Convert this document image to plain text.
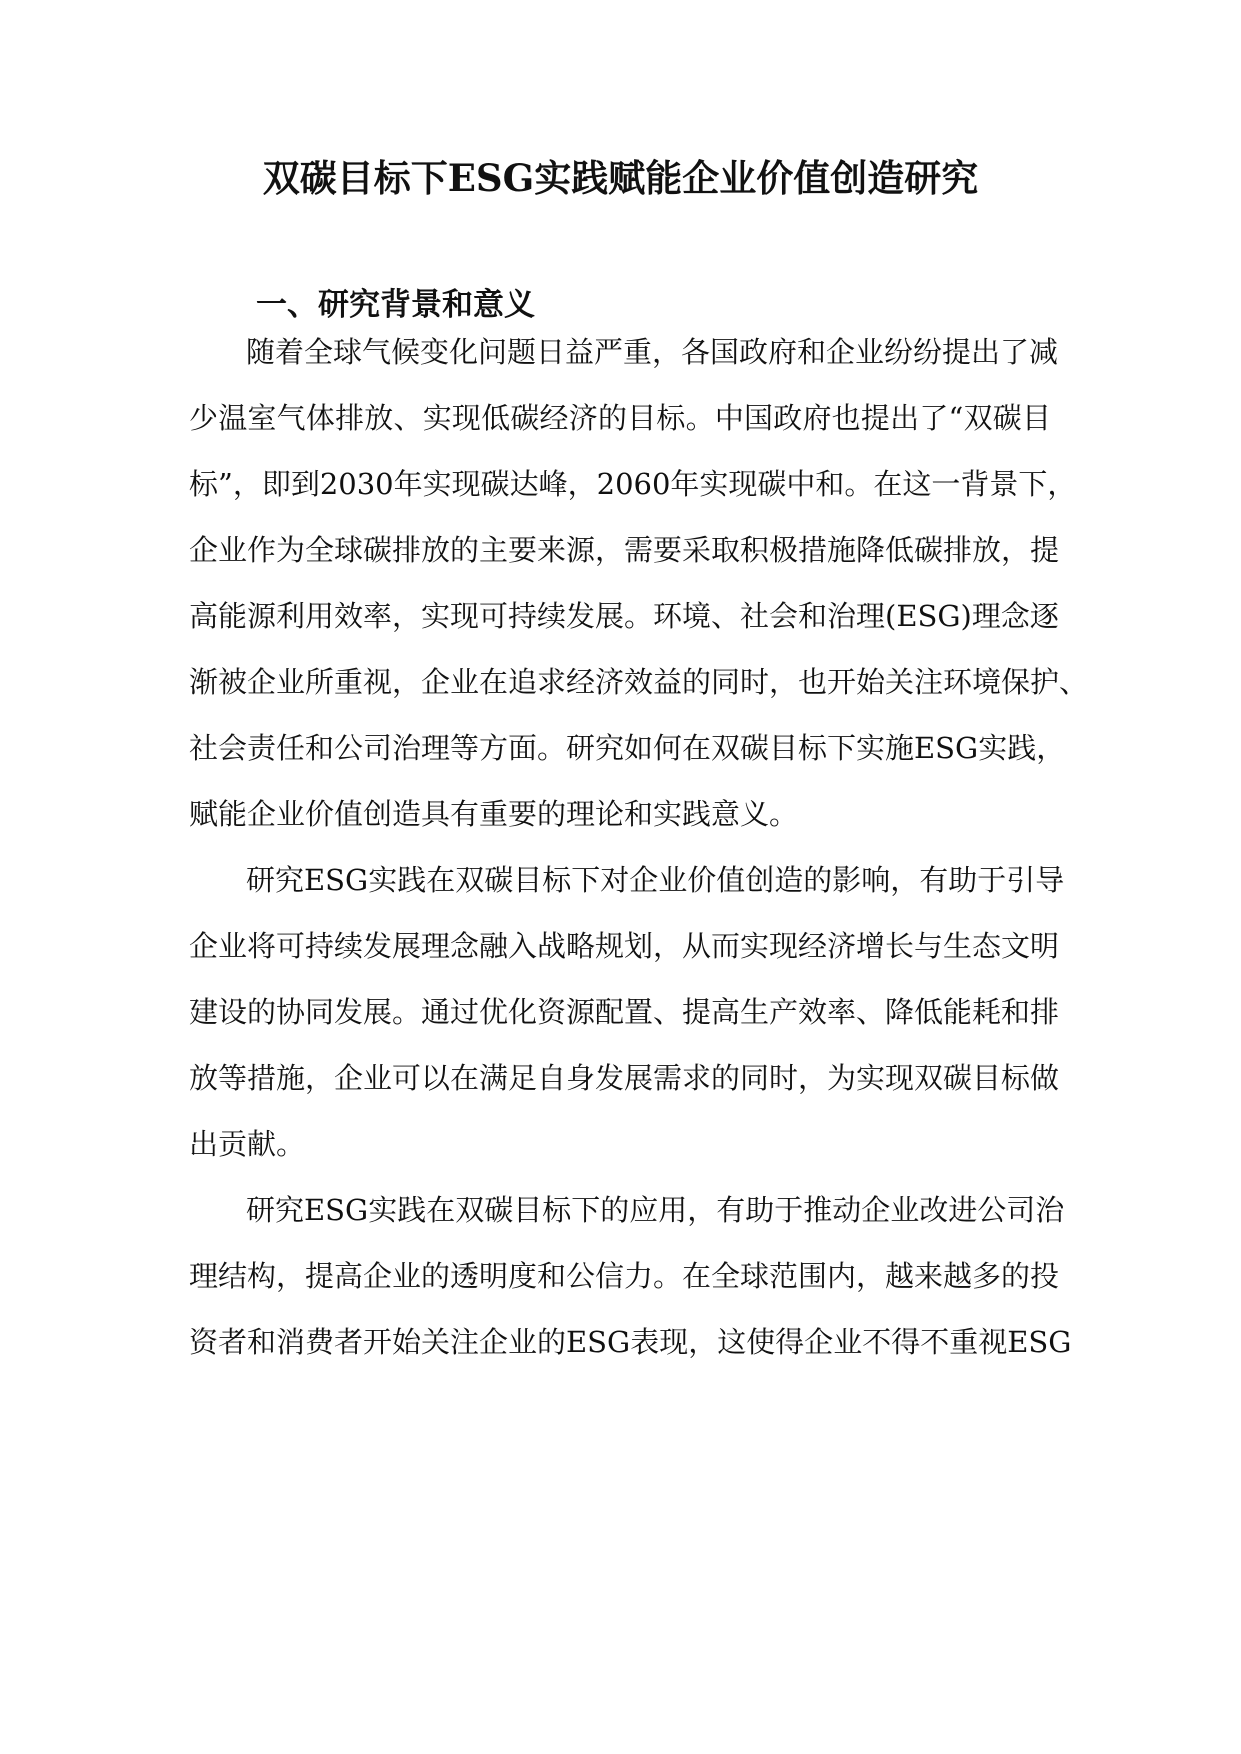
双碳目标下ESG实践赋能企业价值创造研究
一、研究背景和意义
随着全球气候变化问题日益严重，各国政府和企业纷纷提出了减
少温室气体排放、实现低碳经济的目标。中国政府也提出了“双碳目
标”，即到2030年实现碳达峰，2060年实现碳中和。在这一背景下，
企业作为全球碳排放的主要来源，需要采取积极措施降低碳排放，提
高能源利用效率，实现可持续发展。环境、社会和治理(ESG)理念逐
渐被企业所重视，企业在追求经济效益的同时，也开始关注环境保护、
社会责任和公司治理等方面。研究如何在双碳目标下实施ESG实践，
赋能企业价值创造具有重要的理论和实践意义。
研究ESG实践在双碳目标下对企业价值创造的影响，有助于引导
企业将可持续发展理念融入战略规划，从而实现经济增长与生态文明
建设的协同发展。通过优化资源配置、提高生产效率、降低能耗和排
放等措施，企业可以在满足自身发展需求的同时，为实现双碳目标做
出贡献。
研究ESG实践在双碳目标下的应用，有助于推动企业改进公司治
理结构，提高企业的透明度和公信力。在全球范围内，越来越多的投
资者和消费者开始关注企业的ESG表现，这使得企业不得不重视ESG
